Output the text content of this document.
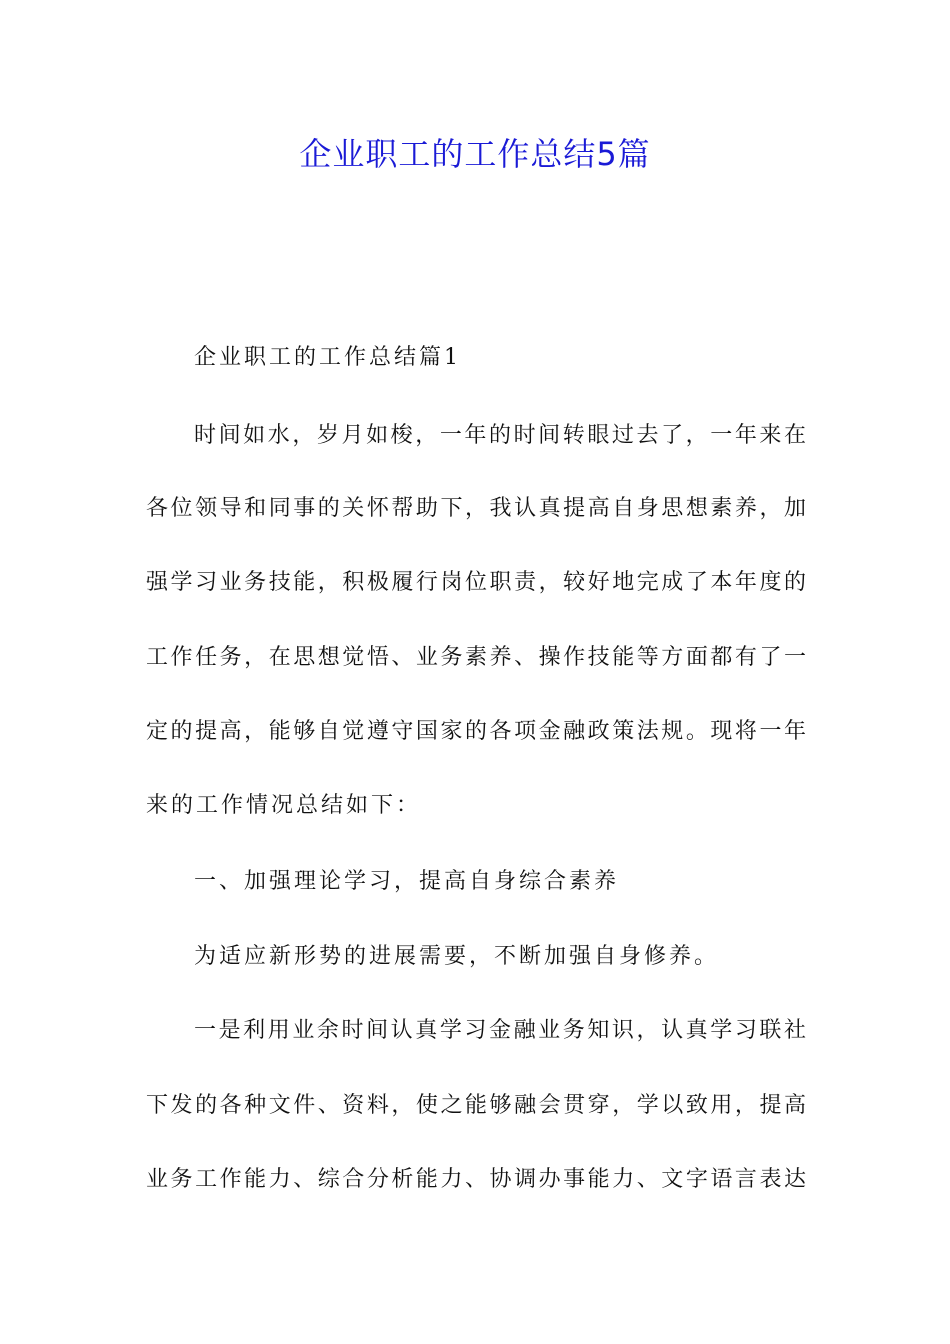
企业职工的工作总结5篇

企业职工的工作总结篇1

时间如水，岁月如梭，一年的时间转眼过去了，一年来在

各位领导和同事的关怀帮助下，我认真提高自身思想素养，加

强学习业务技能，积极履行岗位职责，较好地完成了本年度的

工作任务，在思想觉悟、业务素养、操作技能等方面都有了一

定的提高，能够自觉遵守国家的各项金融政策法规。现将一年

来的工作情况总结如下：

一、加强理论学习，提高自身综合素养

为适应新形势的进展需要，不断加强自身修养。

一是利用业余时间认真学习金融业务知识，认真学习联社

下发的各种文件、资料，使之能够融会贯穿，学以致用，提高

业务工作能力、综合分析能力、协调办事能力、文字语言表达
